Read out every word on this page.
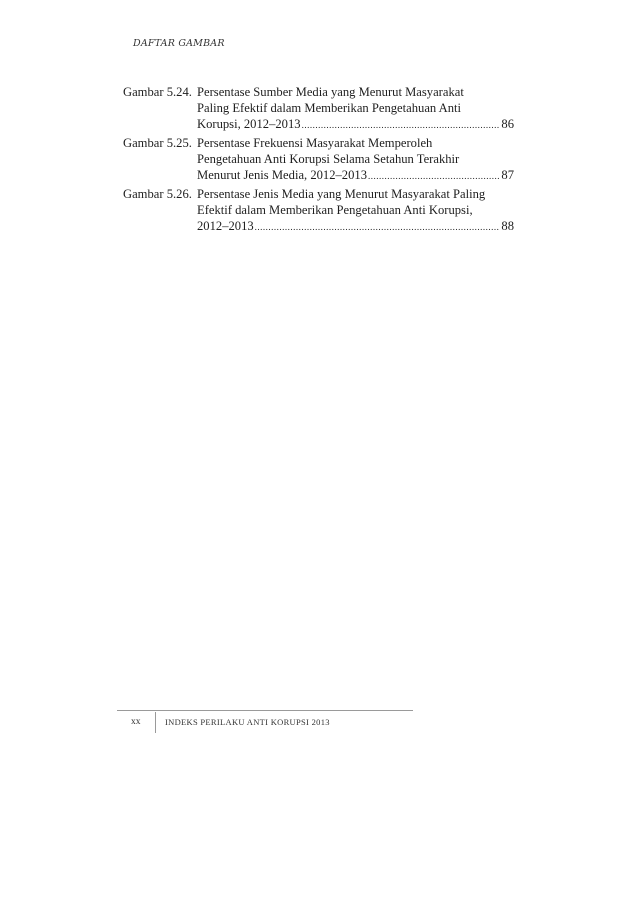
DAFTAR GAMBAR
Gambar 5.24. Persentase Sumber Media yang Menurut Masyarakat
Paling Efektif dalam Memberikan Pengetahuan Anti
Korupsi, 2012–2013 .....	86
Gambar 5.25. Persentase Frekuensi Masyarakat Memperoleh
Pengetahuan Anti Korupsi Selama Setahun Terakhir
Menurut Jenis Media, 2012–2013 .....	87
Gambar 5.26. Persentase Jenis Media yang Menurut Masyarakat Paling
Efektif dalam Memberikan Pengetahuan Anti Korupsi,
2012–2013 .....	88
xx	INDEKS PERILAKU ANTI KORUPSI 2013
